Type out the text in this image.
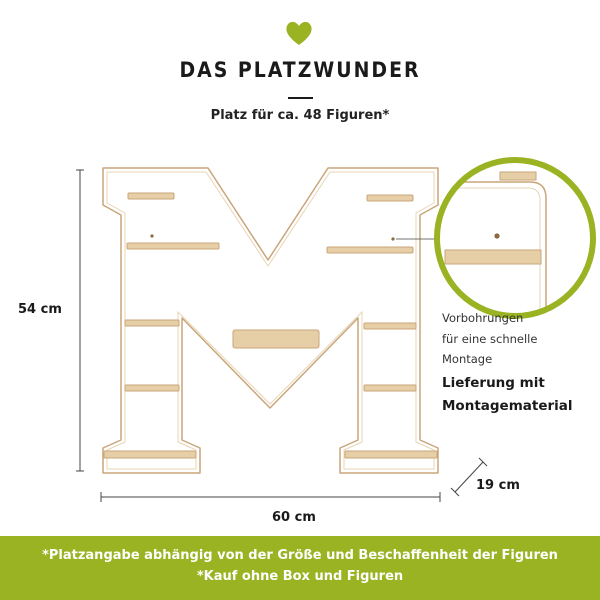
DAS PLATZWUNDER
Platz für ca. 48 Figuren*
54 cm
60 cm
19 cm
Vorbohrungen
für eine schnelle
Montage
Lieferung mit
Montagematerial
*Platzangabe abhängig von der Größe und Beschaffenheit der Figuren
*Kauf ohne Box und Figuren
